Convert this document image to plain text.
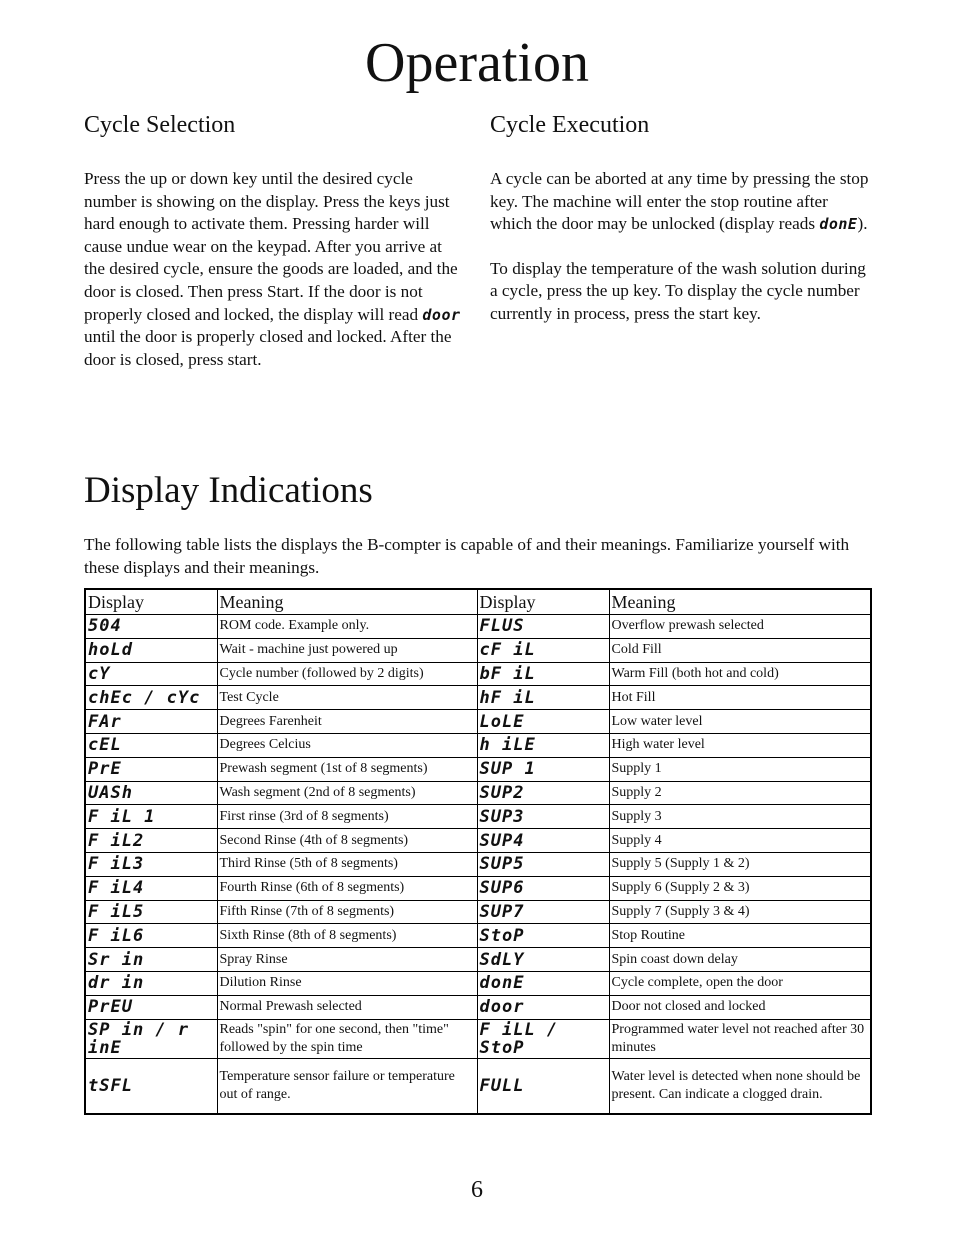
Operation
Cycle Selection

Press the up or down key until the desired cycle number is showing on the display. Press the keys just hard enough to activate them. Pressing harder will cause undue wear on the keypad. After you arrive at the desired cycle, ensure the goods are loaded, and the door is closed. Then press Start. If the door is not properly closed and locked, the display will read door until the door is properly closed and locked. After the door is closed, press start.

Cycle Execution

A cycle can be aborted at any time by pressing the stop key. The machine will enter the stop routine after which the door may be unlocked (display reads donE).

To display the temperature of the wash solution during a cycle, press the up key. To display the cycle number currently in process, press the start key.

Display Indications

The following table lists the displays the B-compter is capable of and their meanings. Familiarize yourself with these displays and their meanings.

Display	Meaning	Display	Meaning
504	ROM code. Example only.	FLUS	Overflow prewash selected
hoLd	Wait - machine just powered up	cF iL	Cold Fill
cY	Cycle number (followed by 2 digits)	bF iL	Warm Fill (both hot and cold)
chEc / cYc	Test Cycle	hF iL	Hot Fill
FAr	Degrees Farenheit	LoLE	Low water level
cEL	Degrees Celcius	h iLE	High water level
PrE	Prewash segment (1st of 8 segments)	SUP 1	Supply 1
UASh	Wash segment (2nd of 8 segments)	SUP2	Supply 2
F iL 1	First rinse (3rd of 8 segments)	SUP3	Supply 3
F iL2	Second Rinse (4th of 8 segments)	SUP4	Supply 4
F iL3	Third Rinse (5th of 8 segments)	SUP5	Supply 5 (Supply 1 & 2)
F iL4	Fourth Rinse (6th of 8 segments)	SUP6	Supply 6 (Supply 2 & 3)
F iL5	Fifth Rinse (7th of 8 segments)	SUP7	Supply 7 (Supply 3 & 4)
F iL6	Sixth Rinse (8th of 8 segments)	StoP	Stop Routine
Sr in	Spray Rinse	SdLY	Spin coast down delay
dr in	Dilution Rinse	donE	Cycle complete, open the door
PrEU	Normal Prewash selected	door	Door not closed and locked
SP in / r inE	Reads "spin" for one second, then "time" followed by the spin time	F iLL / StoP	Programmed water level not reached after 30 minutes
tSFL	Temperature sensor failure or temperature out of range.	FULL	Water level is detected when none should be present. Can indicate a clogged drain.
6
